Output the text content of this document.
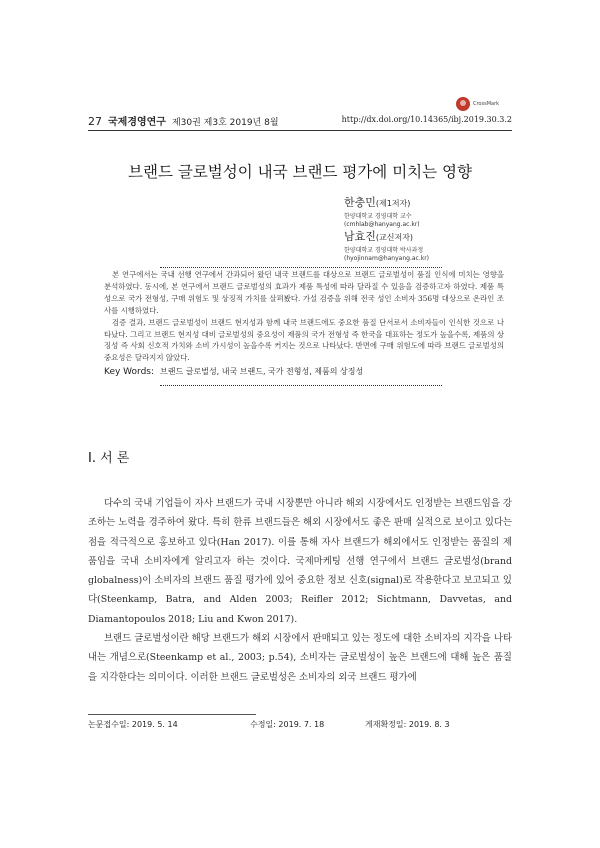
CrossMark
27 국제경영연구 제30권 제3호 2019년 8월	http://dx.doi.org/10.14365/ibj.2019.30.3.2
브랜드 글로벌성이 내국 브랜드 평가에 미치는 영향
한충민(제1저자)
한양대학교 경영대학 교수
(cmhlab@hanyang.ac.kr)
남효진(교신저자)
한양대학교 경영대학 박사과정
(hyojinnam@hanyang.ac.kr)

본 연구에서는 국내 선행 연구에서 간과되어 왔던 내국 브랜드를 대상으로 브랜드 글로벌성이 품질 인식에 미치는 영향을 분석하였다. 동시에, 본 연구에서 브랜드 글로벌성의 효과가 제품 특성에 따라 달라질 수 있음을 검증하고자 하였다. 제품 특성으로 국가 전형성, 구매 위험도 및 상징적 가치를 살펴봤다. 가설 검증을 위해 전국 성인 소비자 356명 대상으로 온라인 조사를 시행하였다.

검증 결과, 브랜드 글로벌성이 브랜드 현지성과 함께 내국 브랜드에도 중요한 품질 단서로서 소비자들이 인식한 것으로 나타났다. 그리고 브랜드 현지성 대비 글로벌성의 중요성이 제품의 국가 전형성 즉 한국을 대표하는 정도가 높을수록, 제품의 상징성 즉 사회 신호적 가치와 소비 가시성이 높을수록 커지는 것으로 나타났다. 반면에 구매 위험도에 따라 브랜드 글로벌성의 중요성은 달라지지 않았다.

Key Words: 브랜드 글로벌성, 내국 브랜드, 국가 전형성, 제품의 상징성
Ⅰ. 서 론

다수의 국내 기업들이 자사 브랜드가 국내 시장뿐만 아니라 해외 시장에서도 인정받는 브랜드임을 강조하는 노력을 경주하여 왔다. 특히 한류 브랜드들은 해외 시장에서도 좋은 판매 실적으로 보이고 있다는 점을 적극적으로 홍보하고 있다(Han 2017). 이를 통해 자사 브랜드가 해외에서도 인정받는 품질의 제품임을 국내 소비자에게 알리고자 하는 것이다. 국제마케팅 선행 연구에서 브랜드 글로벌성(brand globalness)이 소비자의 브랜드 품질 평가에 있어 중요한 정보 신호(signal)로 작용한다고 보고되고 있다(Steenkamp, Batra, and Alden 2003; Reifler 2012; Sichtmann, Davvetas, and Diamantopoulos 2018; Liu and Kwon 2017).

브랜드 글로벌성이란 해당 브랜드가 해외 시장에서 판매되고 있는 정도에 대한 소비자의 지각을 나타내는 개념으로(Steenkamp et al., 2003; p.54), 소비자는 글로벌성이 높은 브랜드에 대해 높은 품질을 지각한다는 의미이다. 이러한 브랜드 글로벌성은 소비자의 외국 브랜드 평가에

논문접수일: 2019. 5. 14	수정일: 2019. 7. 18	게재확정일: 2019. 8. 3
